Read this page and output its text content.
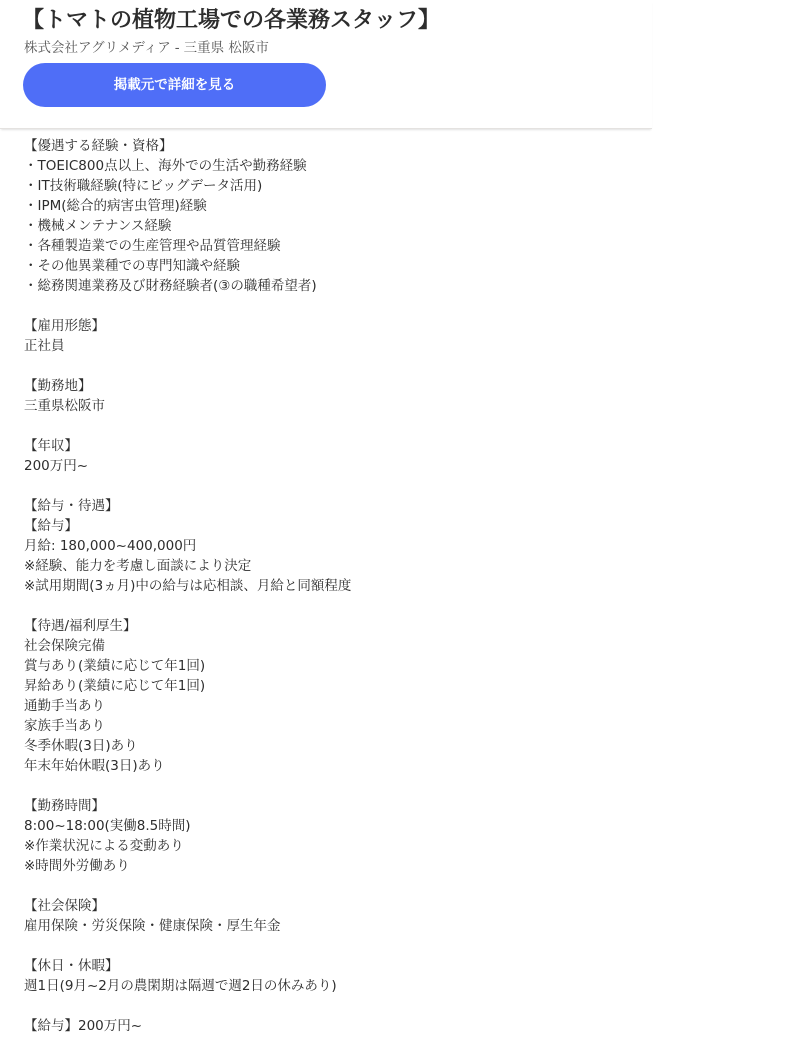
【トマトの植物工場での各業務スタッフ】
株式会社アグリメディア - 三重県 松阪市
掲載元で詳細を見る
【優遇する経験・資格】
・TOEIC800点以上、海外での生活や勤務経験
・IT技術職経験(特にビッグデータ活用)
・IPM(総合的病害虫管理)経験
・機械メンテナンス経験
・各種製造業での生産管理や品質管理経験
・その他異業種での専門知識や経験
・総務関連業務及び財務経験者(③の職種希望者)
【雇用形態】
正社員
【勤務地】
三重県松阪市
【年収】
200万円~
【給与・待遇】
【給与】
月給: 180,000~400,000円
※経験、能力を考慮し面談により決定
※試用期間(3ヵ月)中の給与は応相談、月給と同額程度
【待遇/福利厚生】
社会保険完備
賞与あり(業績に応じて年1回)
昇給あり(業績に応じて年1回)
通勤手当あり
家族手当あり
冬季休暇(3日)あり
年末年始休暇(3日)あり
【勤務時間】
8:00~18:00(実働8.5時間)
※作業状況による変動あり
※時間外労働あり
【社会保険】
雇用保険・労災保険・健康保険・厚生年金
【休日・休暇】
週1日(9月~2月の農閑期は隔週で週2日の休みあり)
【給与】200万円~
